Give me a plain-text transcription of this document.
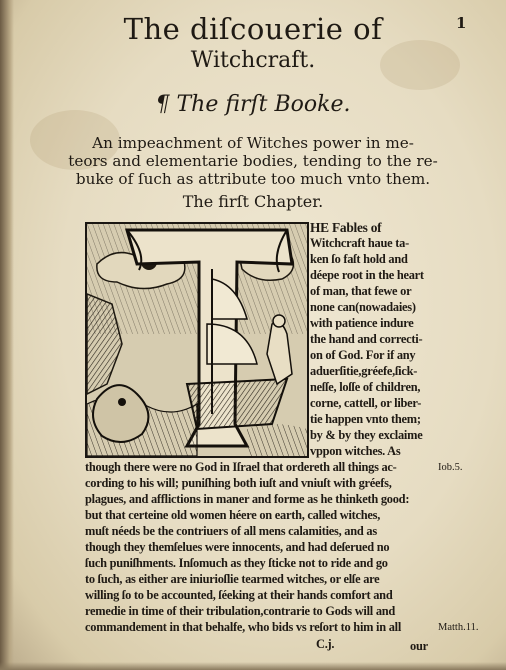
The diſcouerie of	1
Witchcraft.
¶ The firſt Booke.
An impeachment of Witches power in me-
teors and elementarie bodies, tending to the re-
buke of ſuch as attribute too much vnto them.
The firſt Chapter.
HE Fables of
Witchcraft haue ta-
ken ſo faſt hold and
déepe root in the heart
of man, that fewe or
none can(nowadaies)
with patience indure
the hand and correcti-
on of God. For if any
aduerſitie,gréefe,ſick-
neſſe, loſſe of children,
corne, cattell, or liber-
tie happen vnto them;
by & by they exclaime
vppon witches. As
though there were no God in Iſrael that ordereth all things ac-
cording to his will; puniſhing both iuſt and vniuſt with gréefs,
plagues, and afflictions in maner and forme as he thinketh good:
but that certeine old women héere on earth, called witches,
muſt néeds be the contriuers of all mens calamities, and as
though they themſelues were innocents, and had deſerued no
ſuch puniſhments. Inſomuch as they ſticke not to ride and go
to ſuch, as either are iniurioſlie tearmed witches, or elſe are
willing ſo to be accounted, ſéeking at their hands comfort and
remedie in time of their tribulation,contrarie to Gods will and
commandement in that behalfe, who bids vs reſort to him in all
Iob.5.
Matth.11.
C.j.	our
